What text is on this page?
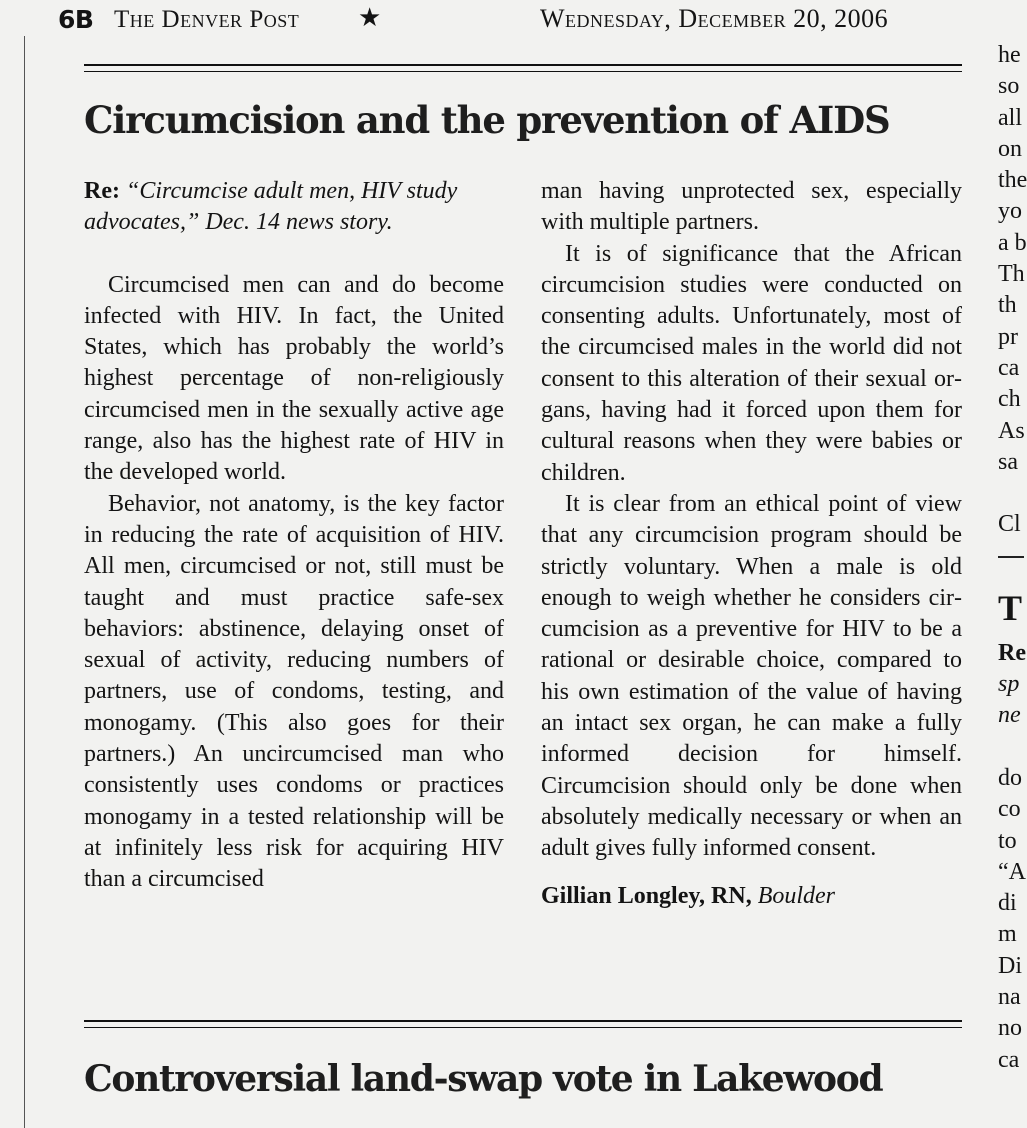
6B The Denver Post ★	Wednesday, December 20, 2006
Circumcision and the prevention of AIDS

Re: “Circumcise adult men, HIV study advocates,” Dec. 14 news story.

Circumcised men can and do become infected with HIV. In fact, the United States, which has probably the world’s highest percentage of non-religiously circumcised men in the sexually active age range, also has the highest rate of HIV in the developed world.

Behavior, not anatomy, is the key factor in reducing the rate of acquisition of HIV. All men, circumcised or not, still must be taught and must practice safe-sex behaviors: abstinence, delaying onset of sexual of activity, reducing numbers of partners, use of condoms, testing, and monogamy. (This also goes for their partners.) An uncircumcised man who consistently uses condoms or practices monogamy in a tested relationship will be at infinitely less risk for acquiring HIV than a circumcised

man having unprotected sex, especially with multiple partners.

It is of significance that the African circumcision studies were conducted on consenting adults. Unfortunately, most of the circumcised males in the world did not consent to this alteration of their sexual organs, having had it forced upon them for cultural reasons when they were babies or children.

It is clear from an ethical point of view that any circumcision program should be strictly voluntary. When a male is old enough to weigh whether he considers circumcision as a preventive for HIV to be a rational or desirable choice, compared to his own estimation of the value of having an intact sex organ, he can make a fully informed decision for himself. Circumcision should only be done when absolutely medically necessary or when an adult gives fully informed consent.

Gillian Longley, RN, Boulder

Controversial land-swap vote in Lakewood
he
so
all
on
the
yo
a b
Th
th
pr
ca
ch
As
sa
Cl
T
Re
sp
ne
do
co
to
“A
di
m
Di
na
no
ca
